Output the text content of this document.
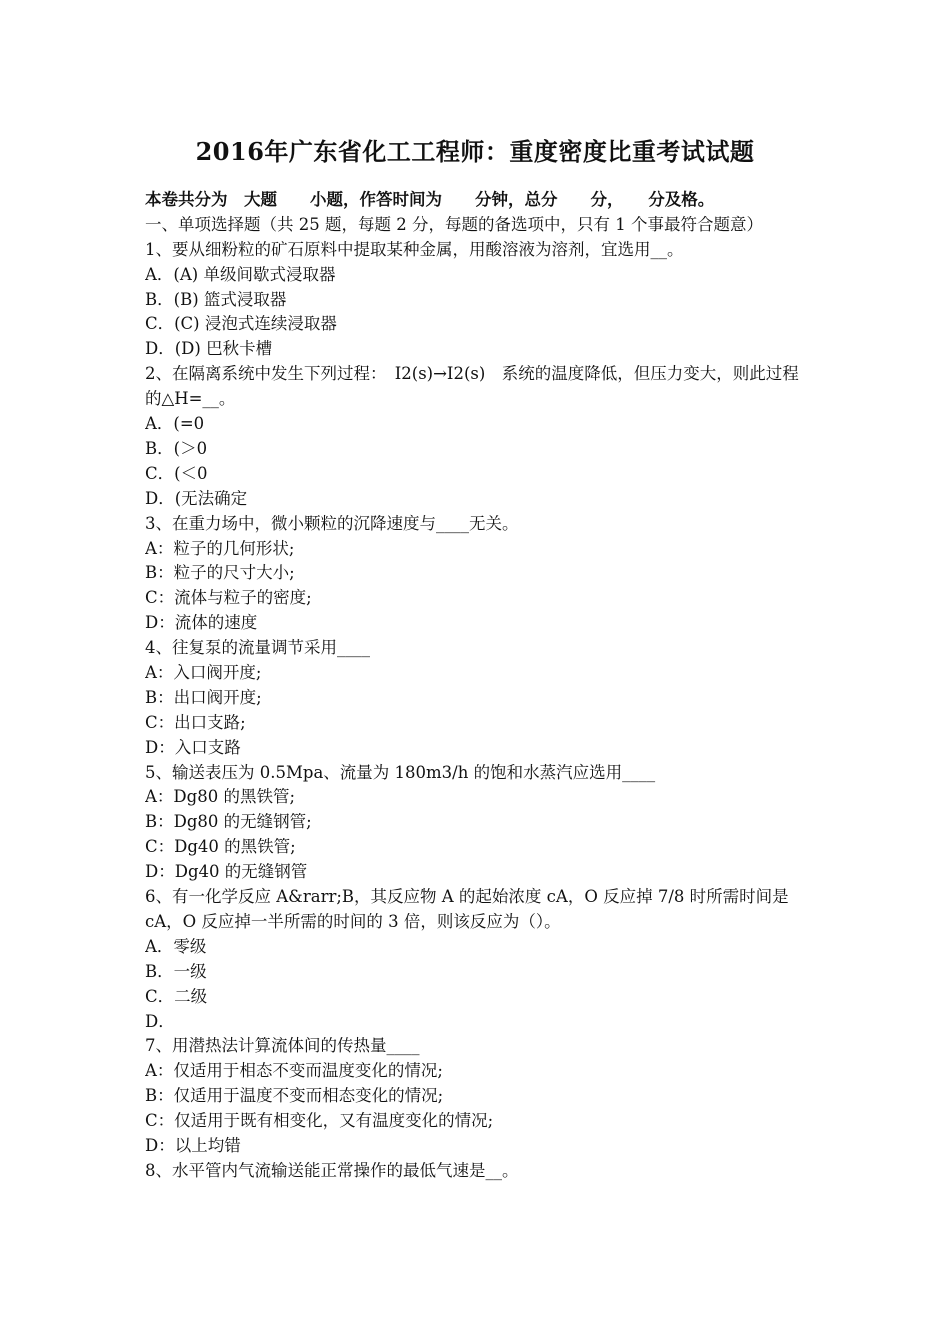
2016年广东省化工工程师：重度密度比重考试试题
本卷共分为　大题　　小题，作答时间为　　分钟，总分　　分，　　分及格。
一、单项选择题（共 25 题，每题 2 分，每题的备选项中，只有 1 个事最符合题意）
1、要从细粉粒的矿石原料中提取某种金属，用酸溶液为溶剂，宜选用__。
A．(A) 单级间歇式浸取器
B．(B) 篮式浸取器
C．(C) 浸泡式连续浸取器
D．(D) 巴秋卡槽
2、在隔离系统中发生下列过程：　I2(s)→I2(s)　系统的温度降低，但压力变大，则此过程的△H=__。
A．(=0
B．(＞0
C．(＜0
D．(无法确定
3、在重力场中，微小颗粒的沉降速度与____无关。
A：粒子的几何形状;
B：粒子的尺寸大小;
C：流体与粒子的密度;
D：流体的速度
4、往复泵的流量调节采用____
A：入口阀开度;
B：出口阀开度;
C：出口支路;
D：入口支路
5、输送表压为 0.5Mpa、流量为 180m3/h 的饱和水蒸汽应选用____
A：Dg80 的黑铁管;
B：Dg80 的无缝钢管;
C：Dg40 的黑铁管;
D：Dg40 的无缝钢管
6、有一化学反应 A&rarr;B，其反应物 A 的起始浓度 cA，O 反应掉 7/8 时所需时间是 cA，O 反应掉一半所需的时间的 3 倍，则该反应为（）。
A．零级
B．一级
C．二级
D．
7、用潜热法计算流体间的传热量____
A：仅适用于相态不变而温度变化的情况;
B：仅适用于温度不变而相态变化的情况;
C：仅适用于既有相变化，又有温度变化的情况;
D：以上均错
8、水平管内气流输送能正常操作的最低气速是__。
